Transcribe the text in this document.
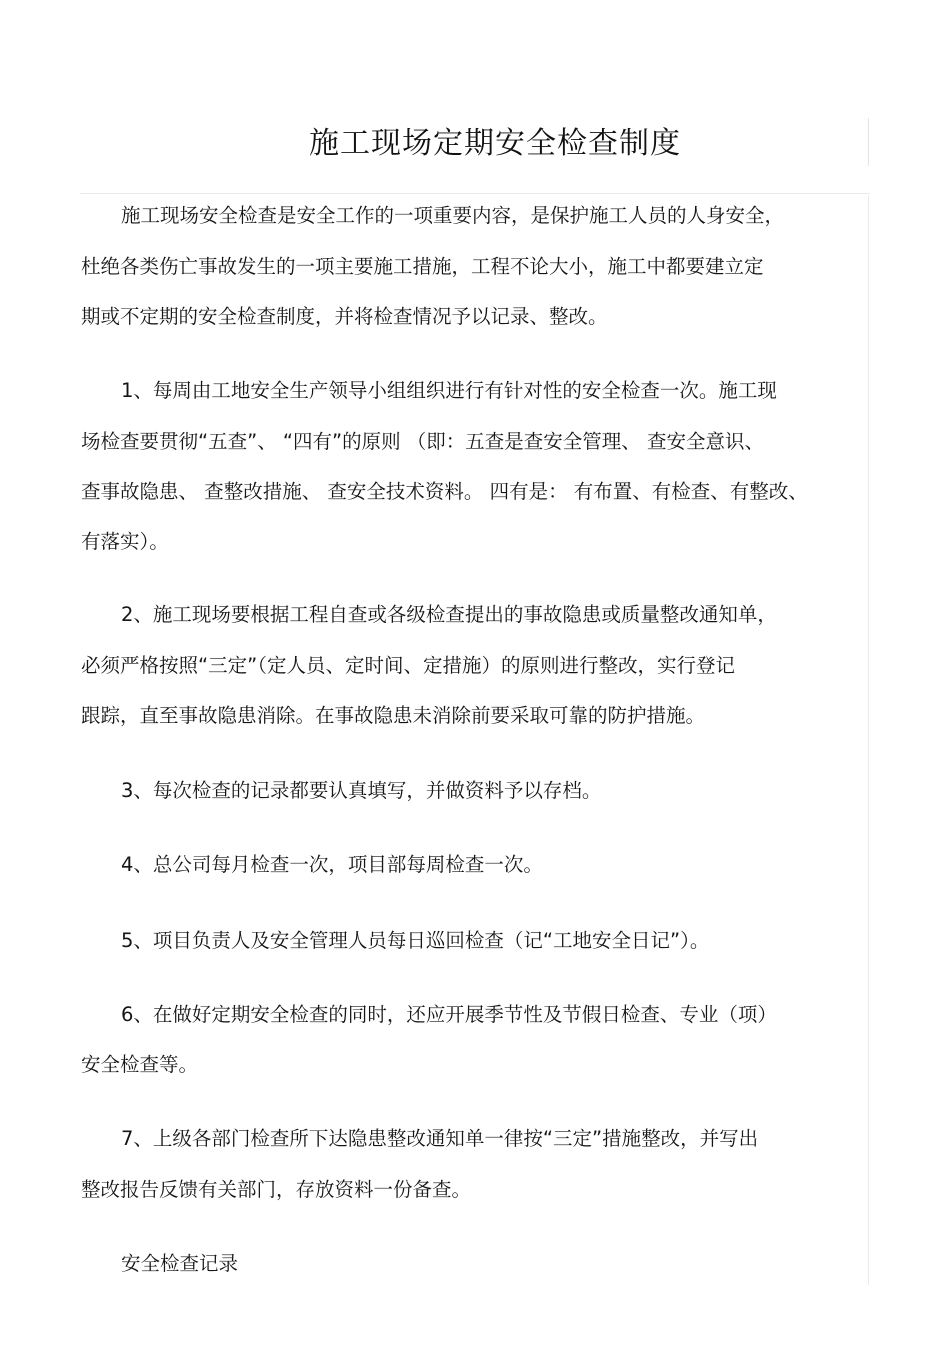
施工现场定期安全检查制度
施工现场安全检查是安全工作的一项重要内容，是保护施工人员的人身安全，
杜绝各类伤亡事故发生的一项主要施工措施，工程不论大小，施工中都要建立定
期或不定期的安全检查制度，并将检查情况予以记录、整改。
1、每周由工地安全生产领导小组组织进行有针对性的安全检查一次。施工现
场检查要贯彻“五查”、 “四有”的原则 （即：五查是查安全管理、 查安全意识、
查事故隐患、 查整改措施、 查安全技术资料。 四有是： 有布置、有检查、有整改、
有落实）。
2、施工现场要根据工程自查或各级检查提出的事故隐患或质量整改通知单，
必须严格按照“三定”（定人员、定时间、定措施）的原则进行整改，实行登记
跟踪，直至事故隐患消除。在事故隐患未消除前要采取可靠的防护措施。
3、每次检查的记录都要认真填写，并做资料予以存档。
4、总公司每月检查一次，项目部每周检查一次。
5、项目负责人及安全管理人员每日巡回检查（记“工地安全日记”）。
6、在做好定期安全检查的同时，还应开展季节性及节假日检查、专业（项）
安全检查等。
7、上级各部门检查所下达隐患整改通知单一律按“三定”措施整改，并写出
整改报告反馈有关部门，存放资料一份备查。
安全检查记录
